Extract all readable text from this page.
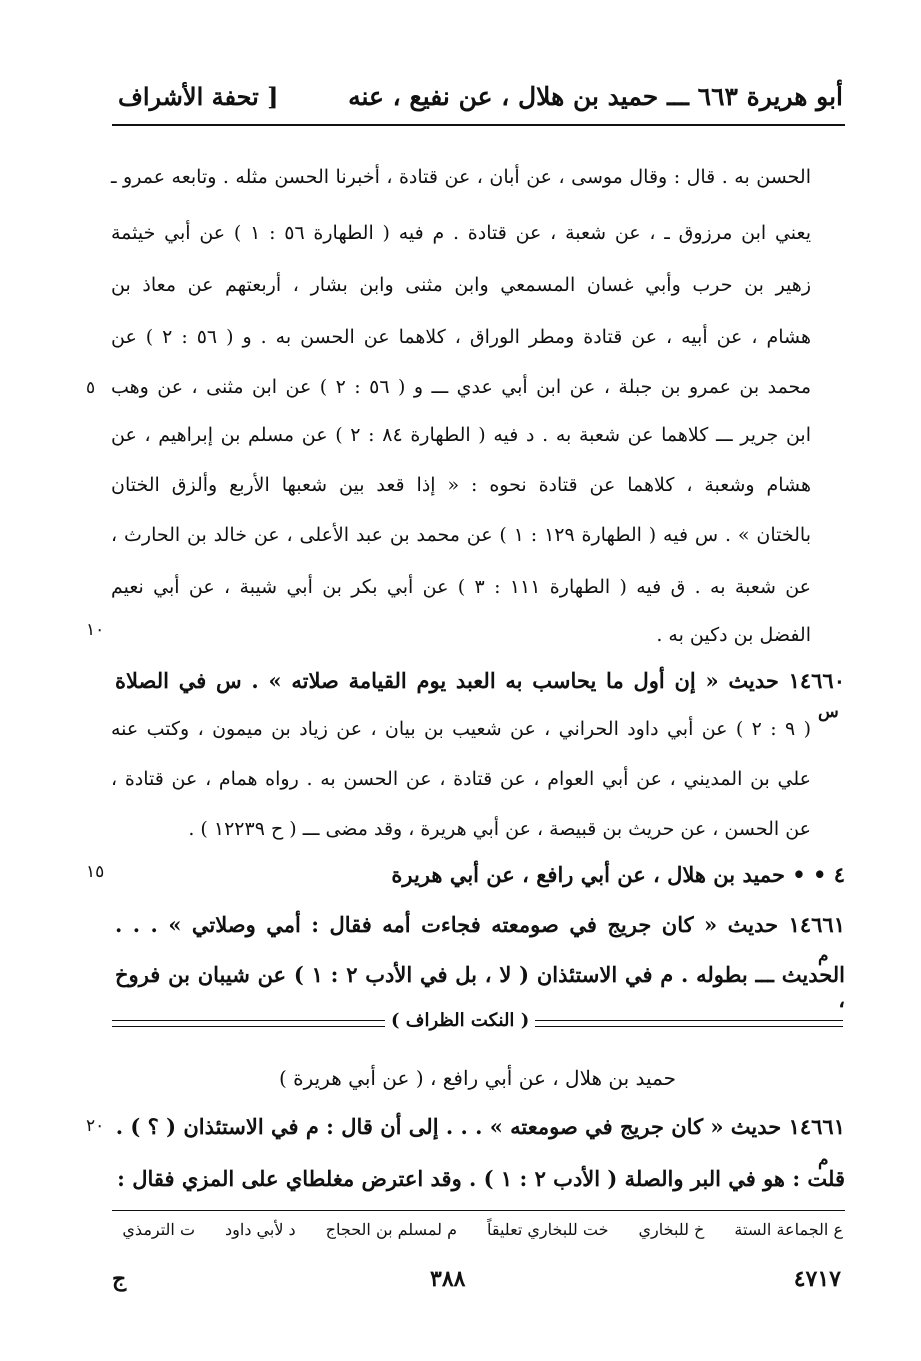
أبو هريرة ٦٦٣ ـــ حميد بن هلال ، عن نفيع ، عنه
[ تحفة الأشراف
الحسن به . قال : وقال موسى ، عن أبان ، عن قتادة ، أخبرنا الحسن مثله . وتابعه عمرو ـ
يعني ابن مرزوق ـ ، عن شعبة ، عن قتادة . م فيه ( الطهارة ٥٦ : ١ ) عن أبي خيثمة
زهير بن حرب وأبي غسان المسمعي وابن مثنى وابن بشار ، أربعتهم عن معاذ بن
هشام ، عن أبيه ، عن قتادة ومطر الوراق ، كلاهما عن الحسن به . و ( ٥٦ : ٢ ) عن
محمد بن عمرو بن جبلة ، عن ابن أبي عدي ـــ و ( ٥٦ : ٢ ) عن ابن مثنى ، عن وهب
ابن جرير ـــ كلاهما عن شعبة به . د فيه ( الطهارة ٨٤ : ٢ ) عن مسلم بن إبراهيم ، عن
هشام وشعبة ، كلاهما عن قتادة نحوه : « إذا قعد بين شعبها الأربع وألزق الختان
بالختان » . س فيه ( الطهارة ١٢٩ : ١ ) عن محمد بن عبد الأعلى ، عن خالد بن الحارث ،
عن شعبة به . ق فيه ( الطهارة ١١١ : ٣ ) عن أبي بكر بن أبي شيبة ، عن أبي نعيم
الفضل بن دكين به .
١٤٦٦٠ حديث « إن أول ما يحاسب به العبد يوم القيامة صلاته » . س في الصلاة
س
( ٩ : ٢ ) عن أبي داود الحراني ، عن شعيب بن بيان ، عن زياد بن ميمون ، وكتب عنه
علي بن المديني ، عن أبي العوام ، عن قتادة ، عن الحسن به . رواه همام ، عن قتادة ،
عن الحسن ، عن حريث بن قبيصة ، عن أبي هريرة ، وقد مضى ـــ ( ح ١٢٢٣٩ ) .
٤ • • حميد بن هلال ، عن أبي رافع ، عن أبي هريرة
١٤٦٦١ حديث « كان جريج في صومعته فجاءت أمه فقال : أمي وصلاتي » . . .
م
الحديث ـــ بطوله . م في الاستئذان ( لا ، بل في الأدب ٢ : ١ ) عن شيبان بن فروخ ،
( النكت الظراف )
حميد بن هلال ، عن أبي رافع ، ( عن أبي هريرة )
١٤٦٦١ حديث « كان جريج في صومعته » . . . إلى أن قال : م في الاستئذان ( ؟ ) .
م
قلت : هو في البر والصلة ( الأدب ٢ : ١ ) . وقد اعترض مغلطاي على المزي فقال :
٥
١٠
١٥
٢٠
ع الجماعة الستة
خ للبخاري
خت للبخاري تعليقاً
م لمسلم بن الحجاج
د لأبي داود
ت الترمذي
٤٧١٧
٣٨٨
ج
